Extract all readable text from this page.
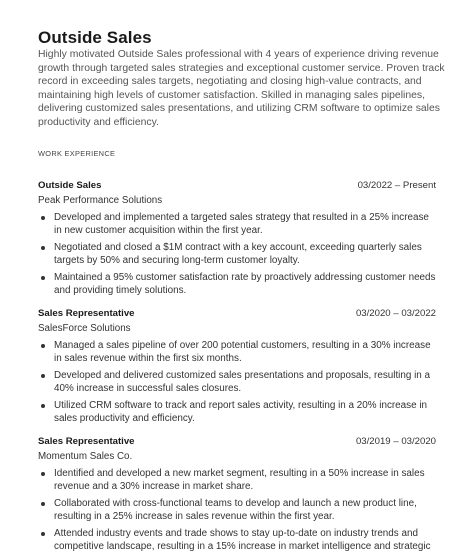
Outside Sales

Highly motivated Outside Sales professional with 4 years of experience driving revenue growth through targeted sales strategies and exceptional customer service. Proven track record in exceeding sales targets, negotiating and closing high-value contracts, and maintaining high levels of customer satisfaction. Skilled in managing sales pipelines, delivering customized sales presentations, and utilizing CRM software to optimize sales productivity and efficiency.

WORK EXPERIENCE
Outside Sales	03/2022 – Present
Peak Performance Solutions
Developed and implemented a targeted sales strategy that resulted in a 25% increase in new customer acquisition within the first year.
Negotiated and closed a $1M contract with a key account, exceeding quarterly sales targets by 50% and securing long-term customer loyalty.
Maintained a 95% customer satisfaction rate by proactively addressing customer needs and providing timely solutions.
Sales Representative	03/2020 – 03/2022
SalesForce Solutions
Managed a sales pipeline of over 200 potential customers, resulting in a 30% increase in sales revenue within the first six months.
Developed and delivered customized sales presentations and proposals, resulting in a 40% increase in successful sales closures.
Utilized CRM software to track and report sales activity, resulting in a 20% increase in sales productivity and efficiency.
Sales Representative	03/2019 – 03/2020
Momentum Sales Co.
Identified and developed a new market segment, resulting in a 50% increase in sales revenue and a 30% increase in market share.
Collaborated with cross-functional teams to develop and launch a new product line, resulting in a 25% increase in sales revenue within the first year.
Attended industry events and trade shows to stay up-to-date on industry trends and competitive landscape, resulting in a 15% increase in market intelligence and strategic
